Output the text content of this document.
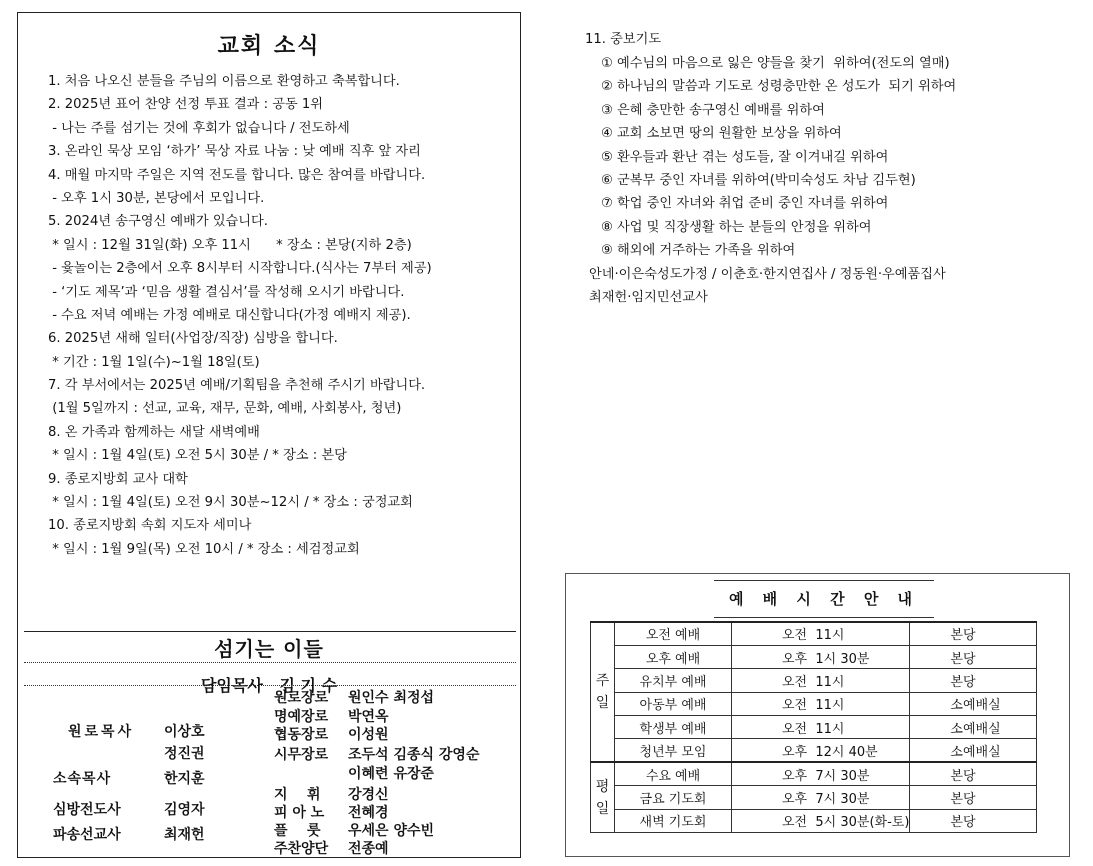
교회 소식
1. 처음 나오신 분들을 주님의 이름으로 환영하고 축복합니다.
2. 2025년 표어 찬양 선정 투표 결과 : 공동 1위
- 나는 주를 섬기는 것에 후회가 없습니다 / 전도하세
3. 온라인 묵상 모임 ‘하가’ 묵상 자료 나눔 : 낮 예배 직후 앞 자리
4. 매월 마지막 주일은 지역 전도를 합니다. 많은 참여를 바랍니다.
- 오후 1시 30분, 본당에서 모입니다.
5. 2024년 송구영신 예배가 있습니다.
* 일시 : 12월 31일(화) 오후 11시      * 장소 : 본당(지하 2층)
- 윷놀이는 2층에서 오후 8시부터 시작합니다.(식사는 7부터 제공)
- ‘기도 제목’과 ‘믿음 생활 결심서’를 작성해 오시기 바랍니다.
- 수요 저녁 예배는 가정 예배로 대신합니다(가정 예배지 제공).
6. 2025년 새해 일터(사업장/직장) 심방을 합니다.
* 기간 : 1월 1일(수)~1월 18일(토)
7. 각 부서에서는 2025년 예배/기획팀을 추천해 주시기 바랍니다.
(1월 5일까지 : 선교, 교육, 재무, 문화, 예배, 사회봉사, 청년)
8. 온 가족과 함께하는 새달 새벽예배
* 일시 : 1월 4일(토) 오전 5시 30분 / * 장소 : 본당
9. 종로지방회 교사 대학
* 일시 : 1월 4일(토) 오전 9시 30분~12시 / * 장소 : 궁정교회
10. 종로지방회 속회 지도자 세미나
* 일시 : 1월 9일(목) 오전 10시 / * 장소 : 세검정교회
섬기는 이들
담임목사 김 기 수
원로목사 이상호
정진권
소속목사	한지훈
심방전도사	김영자
파송선교사	최재헌
원로장로 원인수 최정섭
명예장로 박연옥
협동장로 이성원
시무장로 조두석 김종식 강영순
이혜련 유장준
지    휘 강경신
피 아 노 전혜경
플    룻 우세은 양수빈
주찬양단 전종예
11. 중보기도
① 예수님의 마음으로 잃은 양들을 찾기  위하여(전도의 열매)
② 하나님의 말씀과 기도로 성령충만한 온 성도가  되기 위하여
③ 은혜 충만한 송구영신 예배를 위하여
④ 교회 소보면 땅의 원활한 보상을 위하여
⑤ 환우들과 환난 겪는 성도들, 잘 이겨내길 위하여
⑥ 군복무 중인 자녀를 위하여(박미숙성도 차남 김두현)
⑦ 학업 중인 자녀와 취업 준비 중인 자녀를 위하여
⑧ 사업 및 직장생활 하는 분들의 안정을 위하여
⑨ 해외에 거주하는 가족을 위하여
안네·이은숙성도가정 / 이춘호·한지연집사 / 정동원·우예품집사
최재헌·임지민선교사
예 배 시 간 안 내
주
일	오전 예배	오전  11시	본당
	오후 예배	오후  1시 30분	본당
	유치부 예배	오전  11시	본당
	아동부 예배	오전  11시	소예배실
	학생부 예배	오전  11시	소예배실
	청년부 모임	오후  12시 40분	소예배실
평
일	수요 예배	오후  7시 30분	본당
	금요 기도회	오후  7시 30분	본당
	새벽 기도회	오전  5시 30분(화-토)	본당
